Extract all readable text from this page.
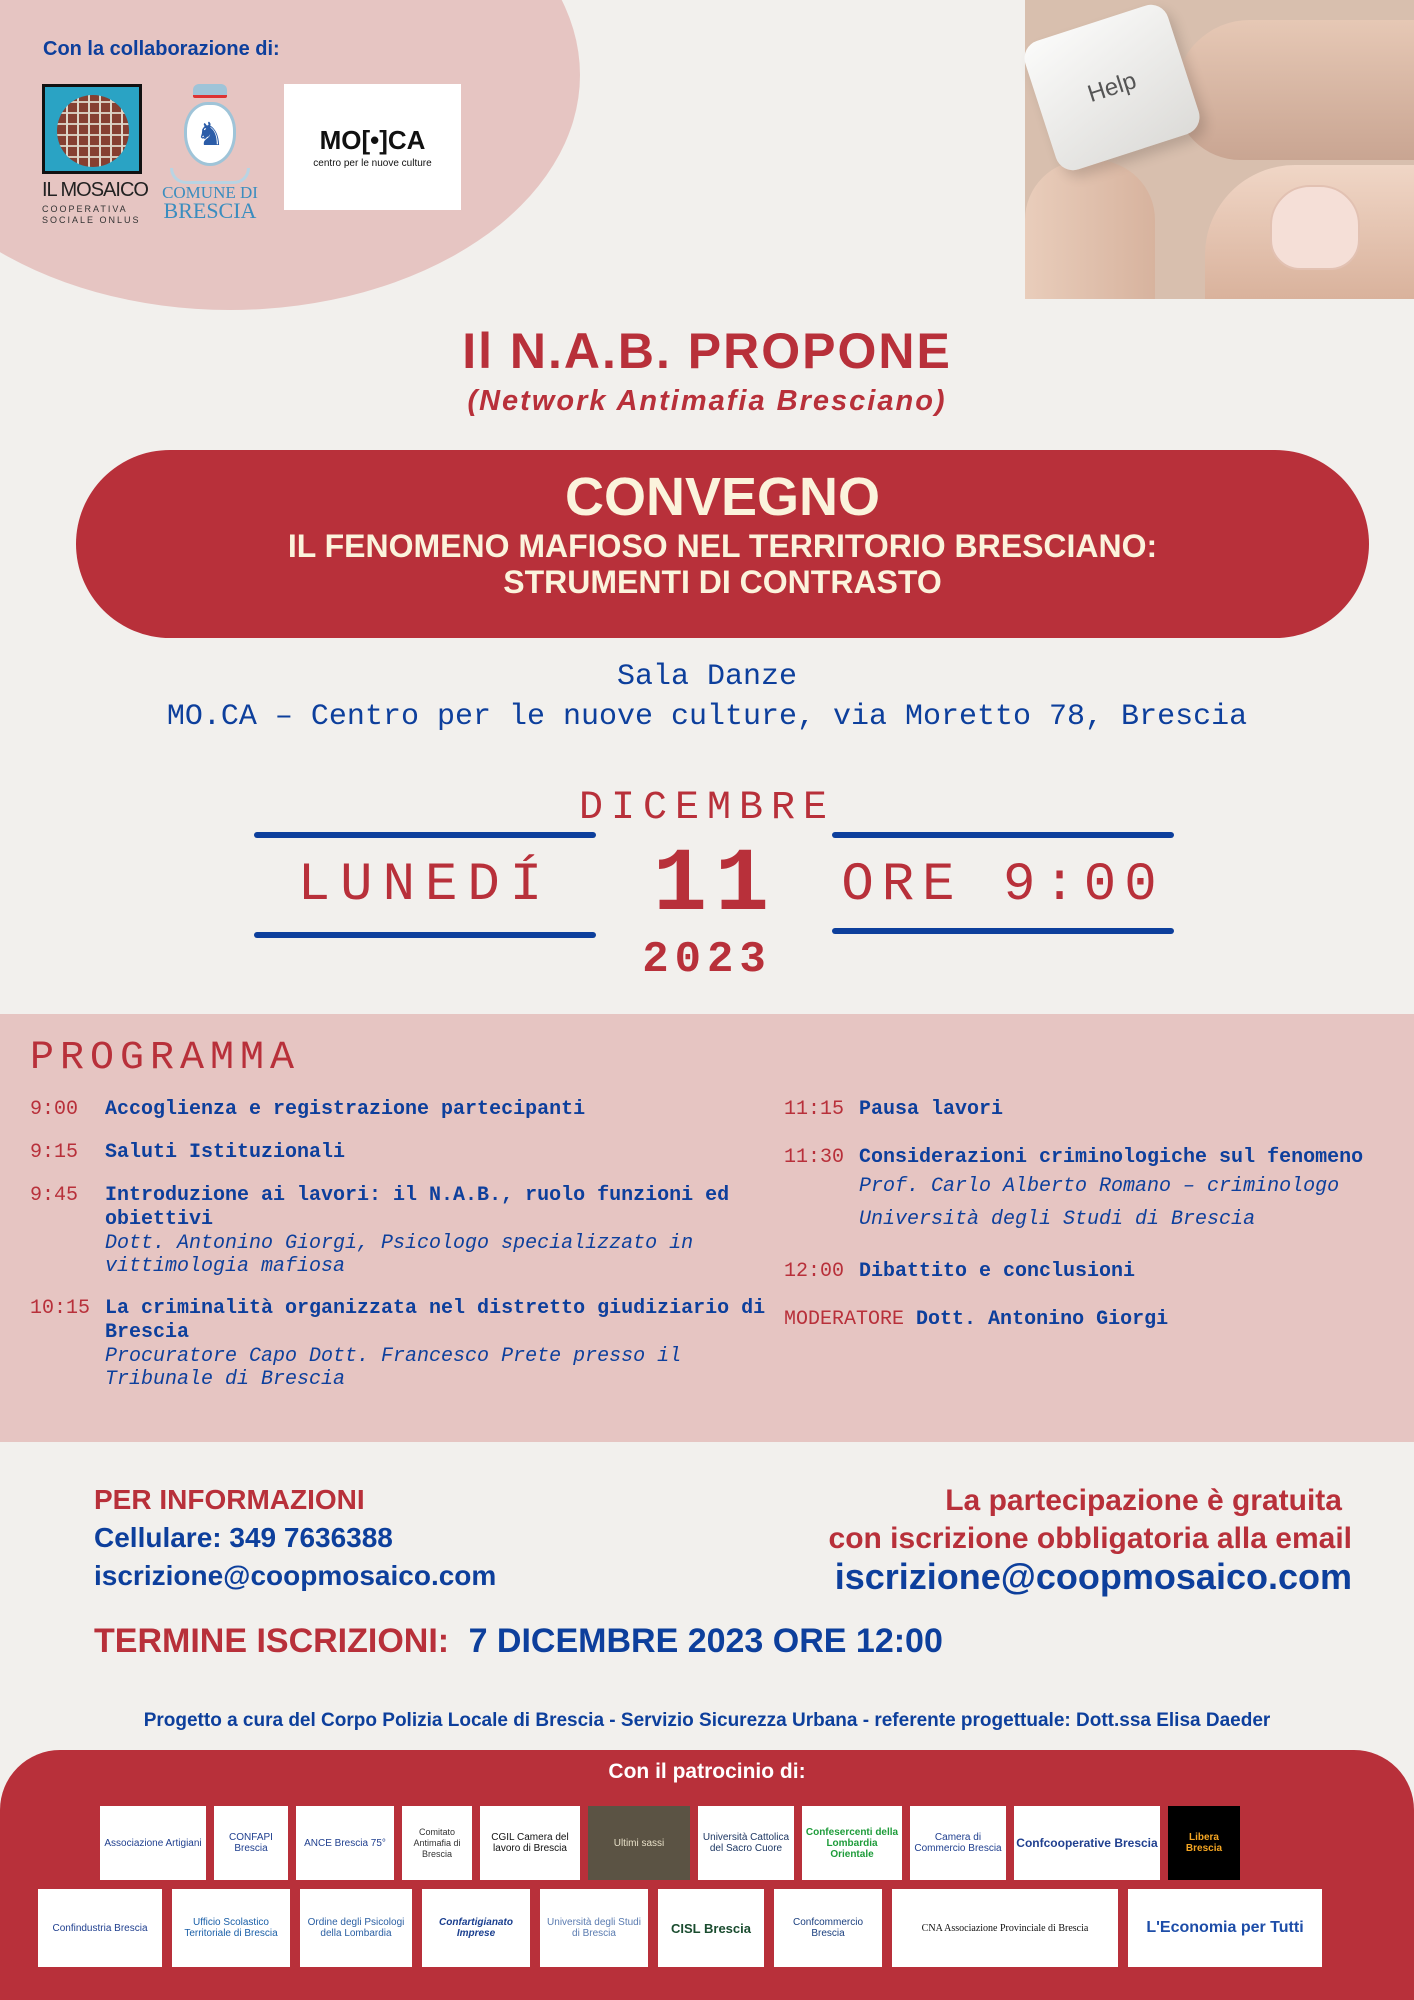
Con la collaborazione di:
IL MOSAICO
COOPERATIVA
SOCIALE ONLUS
♞
COMUNE DI
BRESCIA
MO[•]CA
centro per le nuove culture
Help
Il N.A.B. PROPONE
(Network Antimafia Bresciano)
CONVEGNO
IL FENOMENO MAFIOSO NEL TERRITORIO BRESCIANO:
STRUMENTI DI CONTRASTO
Sala Danze
MO.CA – Centro per le nuove culture, via Moretto 78, Brescia
DICEMBRE
LUNEDÍ	11	ORE 9:00
2023
PROGRAMMA
9:00	Accoglienza e registrazione partecipanti
9:15	Saluti Istituzionali
9:45	Introduzione ai lavori: il N.A.B., ruolo funzioni ed obiettivi
Dott. Antonino Giorgi, Psicologo specializzato in vittimologia mafiosa
10:15 La criminalità organizzata nel distretto giudiziario di Brescia
Procuratore Capo Dott. Francesco Prete presso il Tribunale di Brescia
11:15 Pausa lavori
11:30 Considerazioni criminologiche sul fenomeno
Prof. Carlo Alberto Romano – criminologo Università degli Studi di Brescia
12:00 Dibattito e conclusioni
MODERATORE Dott. Antonino Giorgi
PER INFORMAZIONI
Cellulare: 349 7636388
iscrizione@coopmosaico.com
La partecipazione è gratuita
con iscrizione obbligatoria alla email
iscrizione@coopmosaico.com
TERMINE ISCRIZIONI: 7 DICEMBRE 2023 ORE 12:00
Progetto a cura del Corpo Polizia Locale di Brescia - Servizio Sicurezza Urbana - referente progettuale: Dott.ssa Elisa Daeder
Con il patrocinio di:
Associazione Artigiani	CONFAPI Brescia	ANCE Brescia 75°
Comitato Antimafia di Brescia
CGIL Camera del lavoro di Brescia	Ultimi sassi	Università Cattolica del Sacro Cuore
Confesercenti della Lombardia Orientale
Camera di Commercio Brescia Confcooperative Brescia	Libera Brescia
Confindustria Brescia	Ufficio Scolastico Territoriale di Brescia
Ordine degli Psicologi della Lombardia
Confartigianato Imprese
Università degli Studi di Brescia	CISL Brescia	Confcommercio Brescia	CNA Associazione Provinciale di Brescia	L'Economia per Tutti
